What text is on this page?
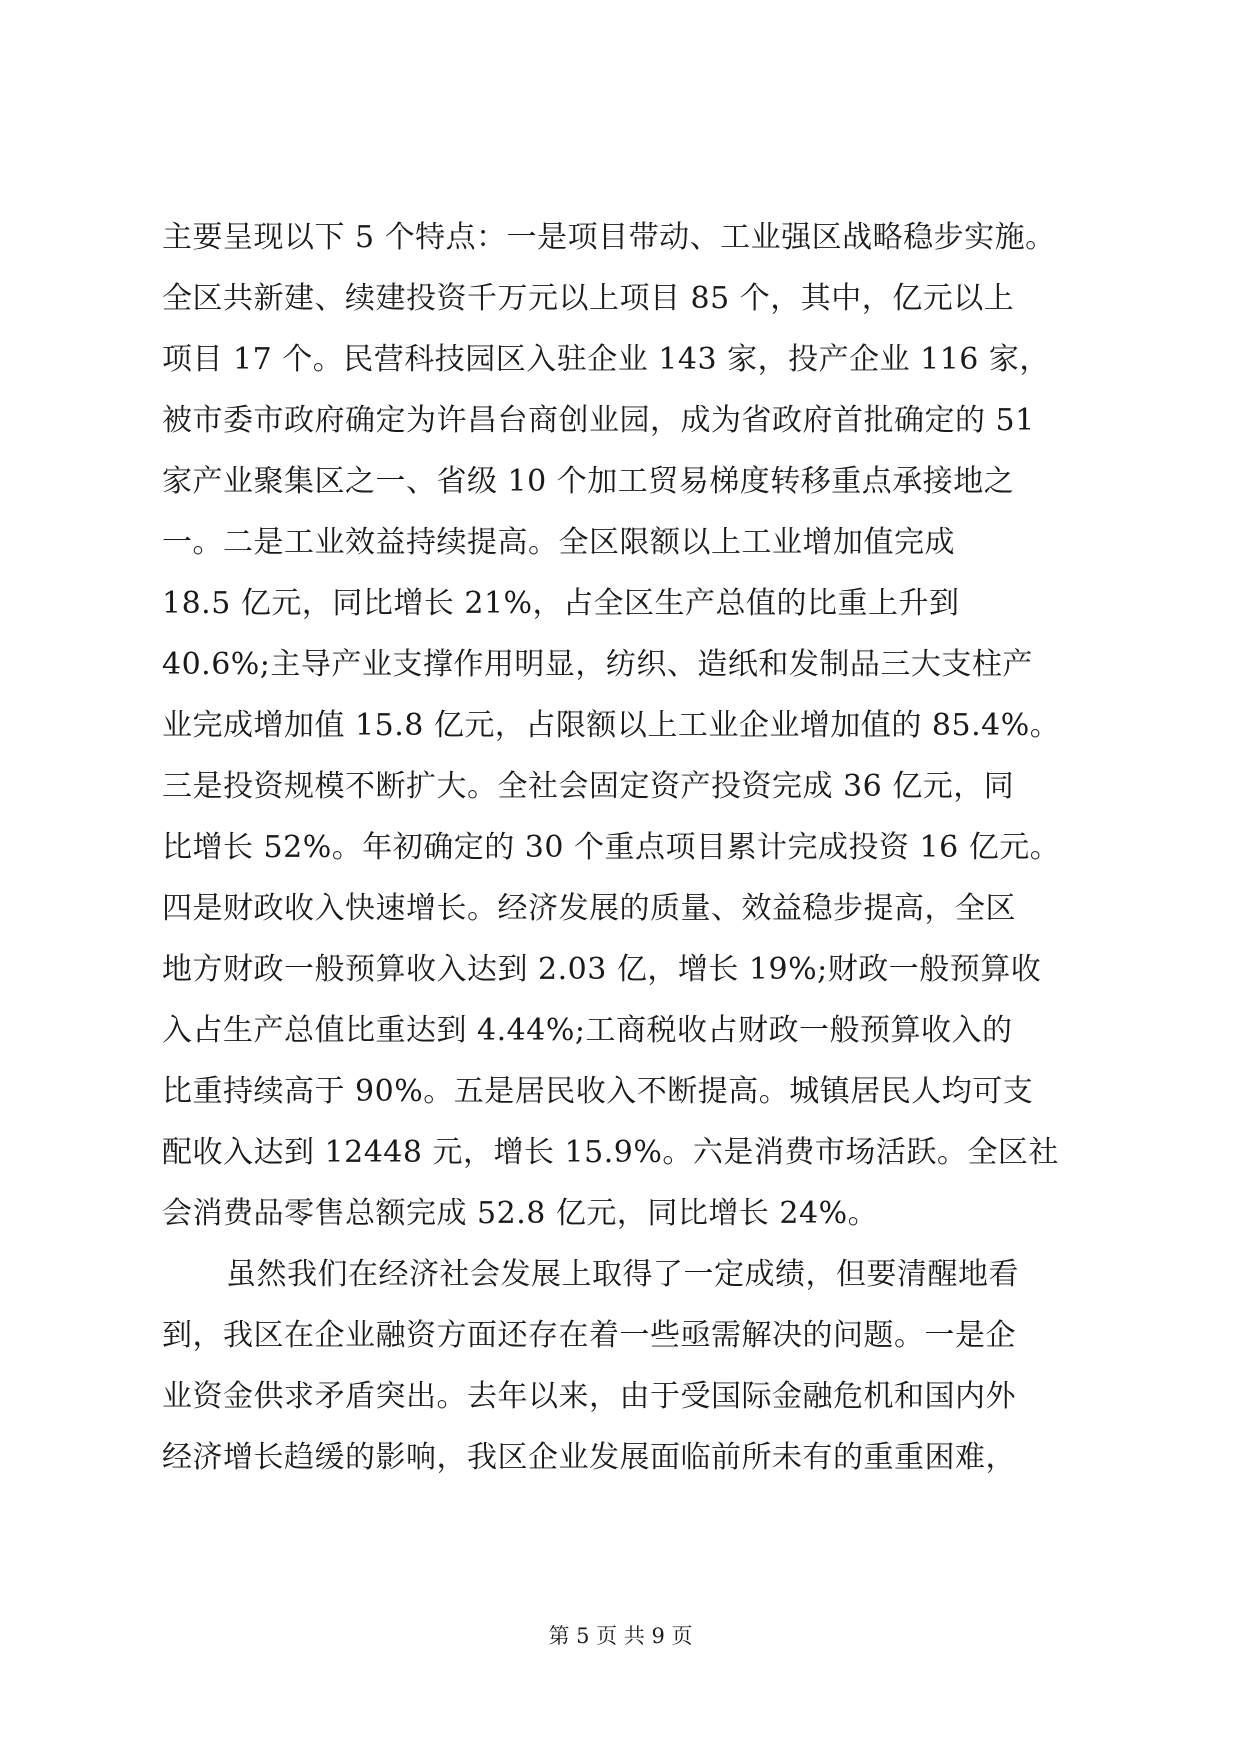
主要呈现以下 5 个特点：一是项目带动、工业强区战略稳步实施。
全区共新建、续建投资千万元以上项目 85 个，其中，亿元以上
项目 17 个。民营科技园区入驻企业 143 家，投产企业 116 家，
被市委市政府确定为许昌台商创业园，成为省政府首批确定的 51
家产业聚集区之一、省级 10 个加工贸易梯度转移重点承接地之
一。二是工业效益持续提高。全区限额以上工业增加值完成
18.5 亿元，同比增长 21%，占全区生产总值的比重上升到
40.6%;主导产业支撑作用明显，纺织、造纸和发制品三大支柱产
业完成增加值 15.8 亿元，占限额以上工业企业增加值的 85.4%。
三是投资规模不断扩大。全社会固定资产投资完成 36 亿元，同
比增长 52%。年初确定的 30 个重点项目累计完成投资 16 亿元。
四是财政收入快速增长。经济发展的质量、效益稳步提高，全区
地方财政一般预算收入达到 2.03 亿，增长 19%;财政一般预算收
入占生产总值比重达到 4.44%;工商税收占财政一般预算收入的
比重持续高于 90%。五是居民收入不断提高。城镇居民人均可支
配收入达到 12448 元，增长 15.9%。六是消费市场活跃。全区社
会消费品零售总额完成 52.8 亿元，同比增长 24%。
虽然我们在经济社会发展上取得了一定成绩，但要清醒地看
到，我区在企业融资方面还存在着一些亟需解决的问题。一是企
业资金供求矛盾突出。去年以来，由于受国际金融危机和国内外
经济增长趋缓的影响，我区企业发展面临前所未有的重重困难，
第 5 页 共 9 页
